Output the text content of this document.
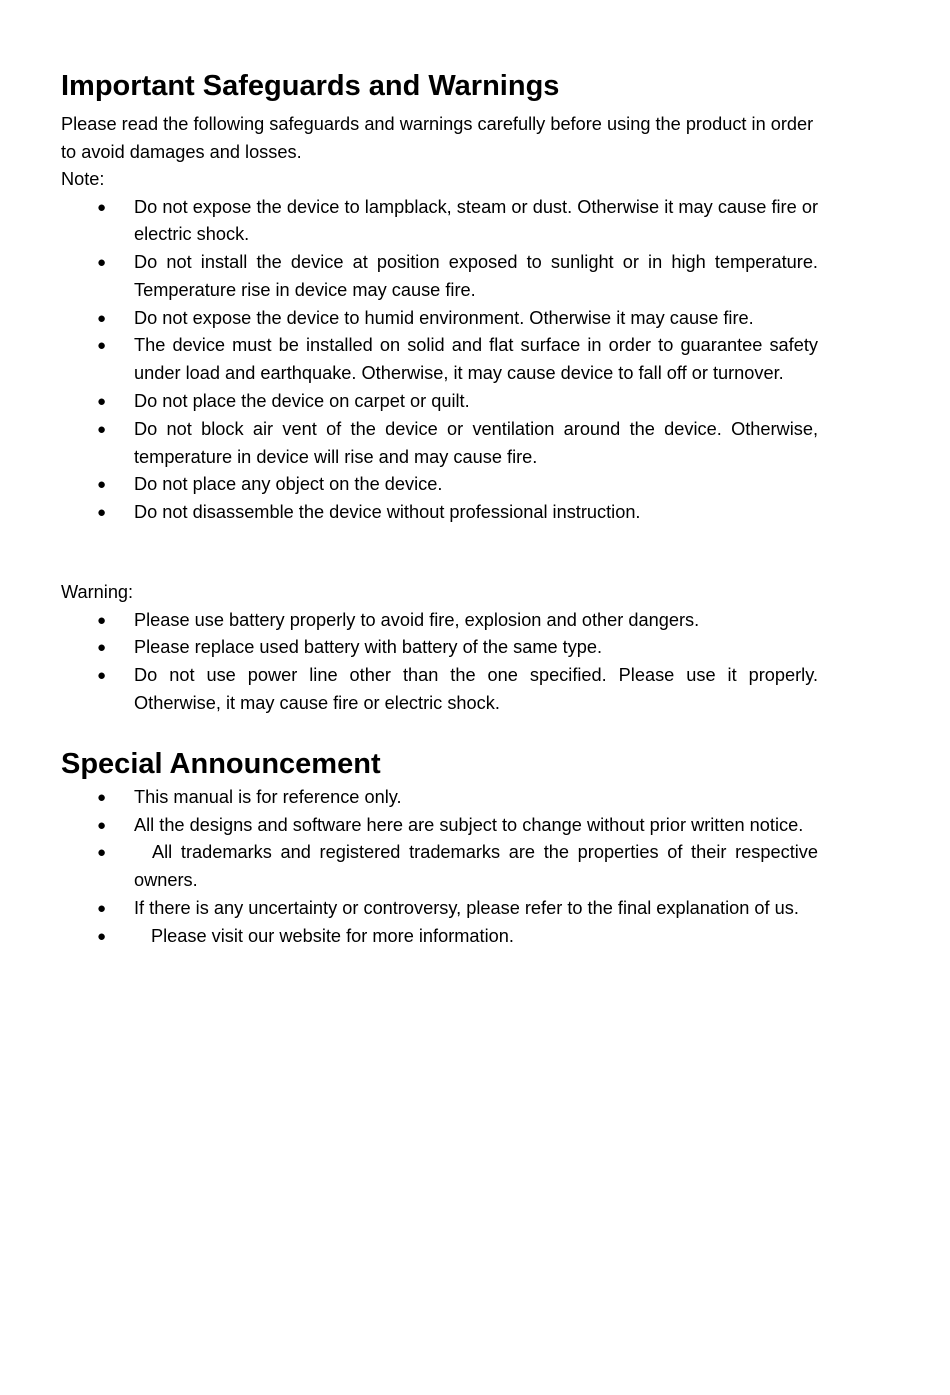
Important Safeguards and Warnings

Please read the following safeguards and warnings carefully before using the product in order to avoid damages and losses.

Note:

● Do not expose the device to lampblack, steam or dust. Otherwise it may cause fire or electric shock.
● Do not install the device at position exposed to sunlight or in high temperature. Temperature rise in device may cause fire.
● Do not expose the device to humid environment. Otherwise it may cause fire.
● The device must be installed on solid and flat surface in order to guarantee safety under load and earthquake. Otherwise, it may cause device to fall off or turnover.
● Do not place the device on carpet or quilt.
● Do not block air vent of the device or ventilation around the device. Otherwise, temperature in device will rise and may cause fire.
● Do not place any object on the device.
● Do not disassemble the device without professional instruction.

Warning:

● Please use battery properly to avoid fire, explosion and other dangers.
● Please replace used battery with battery of the same type.
● Do not use power line other than the one specified. Please use it properly. Otherwise, it may cause fire or electric shock.
Special Announcement
● This manual is for reference only.
● All the designs and software here are subject to change without prior written notice.
●	All trademarks and registered trademarks are the properties of their respective owners.
● If there is any uncertainty or controversy, please refer to the final explanation of us.
● Please visit our website for more information.
